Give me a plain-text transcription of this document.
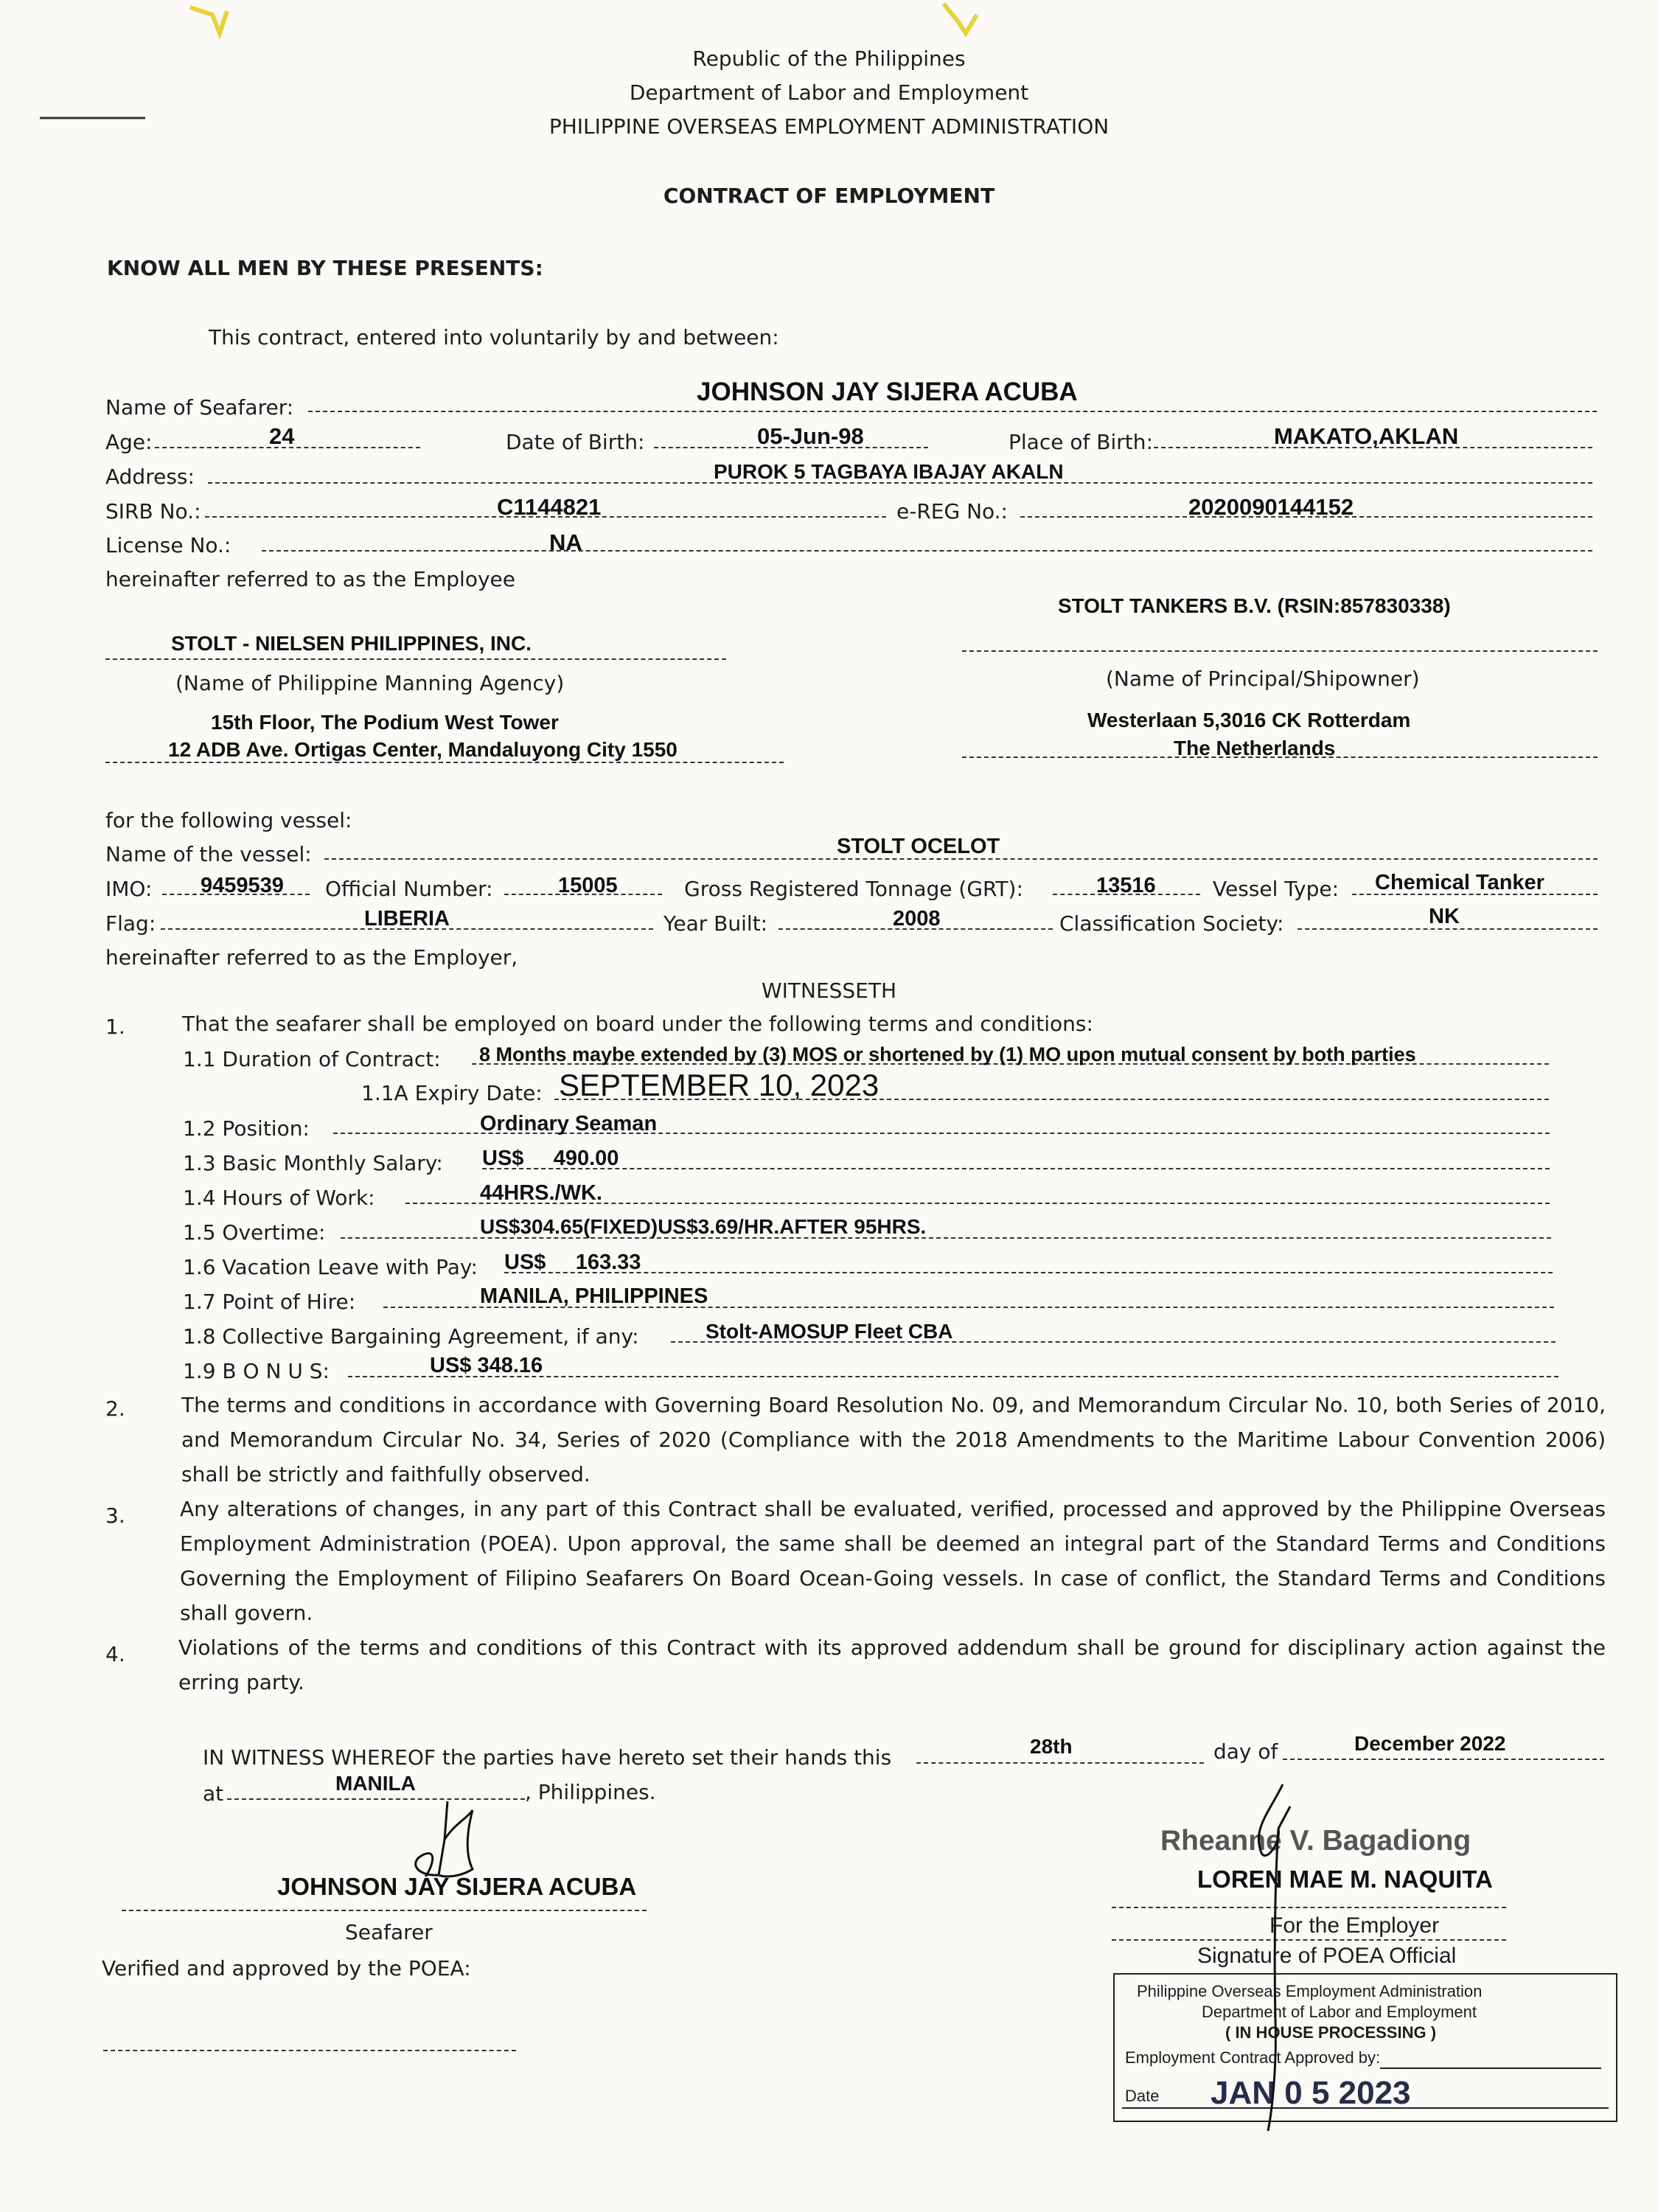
Republic of the Philippines
Department of Labor and Employment
PHILIPPINE OVERSEAS EMPLOYMENT ADMINISTRATION
CONTRACT OF EMPLOYMENT
KNOW ALL MEN BY THESE PRESENTS:
This contract, entered into voluntarily by and between:
Name of Seafarer:
JOHNSON JAY SIJERA ACUBA
Age:	24	Date of Birth:	05-Jun-98	Place of Birth:	MAKATO,AKLAN
Address:	PUROK 5 TAGBAYA IBAJAY AKALN
SIRB No.:	C1144821	e-REG No.:	2020090144152
License No.:	NA
hereinafter referred to as the Employee
STOLT TANKERS B.V. (RSIN:857830338)
STOLT - NIELSEN PHILIPPINES, INC.
(Name of Philippine Manning Agency)	(Name of Principal/Shipowner)
15th Floor, The Podium West Tower	Westerlaan 5,3016 CK Rotterdam
12 ADB Ave. Ortigas Center, Mandaluyong City 1550	The Netherlands
for the following vessel:
Name of the vessel:	STOLT OCELOT
IMO: 9459539 Official Number:	15005	Gross Registered Tonnage (GRT):	13516	Vessel Type: Chemical Tanker
Flag:	LIBERIA	Year Built:	2008	Classification Society:	NK
hereinafter referred to as the Employer,
WITNESSETH
1.	That the seafarer shall be employed on board under the following terms and conditions:
1.1 Duration of Contract: 8 Months maybe extended by (3) MOS or shortened by (1) MO upon mutual consent by both parties
1.1A Expiry Date: SEPTEMBER 10, 2023
1.2 Position:	Ordinary Seaman
1.3 Basic Monthly Salary: US$     490.00
1.4 Hours of Work:	44HRS./WK.
1.5 Overtime:	US$304.65(FIXED)US$3.69/HR.AFTER 95HRS.
1.6 Vacation Leave with Pay: US$     163.33
1.7 Point of Hire:	MANILA, PHILIPPINES
1.8 Collective Bargaining Agreement, if any:	Stolt-AMOSUP Fleet CBA
1.9 B O N U S:	US$ 348.16
2.	The terms and conditions in accordance with Governing Board Resolution No. 09, and Memorandum Circular No. 10, both Series of 2010, and Memorandum Circular No. 34, Series of 2020 (Compliance with the 2018 Amendments to the Maritime Labour Convention 2006) shall be strictly and faithfully observed.
3.	Any alterations of changes, in any part of this Contract shall be evaluated, verified, processed and approved by the Philippine Overseas Employment Administration (POEA). Upon approval, the same shall be deemed an integral part of the Standard Terms and Conditions Governing the Employment of Filipino Seafarers On Board Ocean-Going vessels. In case of conflict, the Standard Terms and Conditions shall govern.
4.	Violations of the terms and conditions of this Contract with its approved addendum shall be ground for disciplinary action against the erring party.
IN WITNESS WHEREOF the parties have hereto set their hands this	28th	day of	December 2022
at	MANILA	, Philippines.
JOHNSON JAY SIJERA ACUBA
Seafarer
Verified and approved by the POEA:
Rheanne V. Bagadiong
LOREN MAE M. NAQUITA
For the Employer
Signature of POEA Official
Philippine Overseas Employment Administration
Department of Labor and Employment
( IN HOUSE PROCESSING )
Employment Contract Approved by:
Date JAN 0 5 2023
